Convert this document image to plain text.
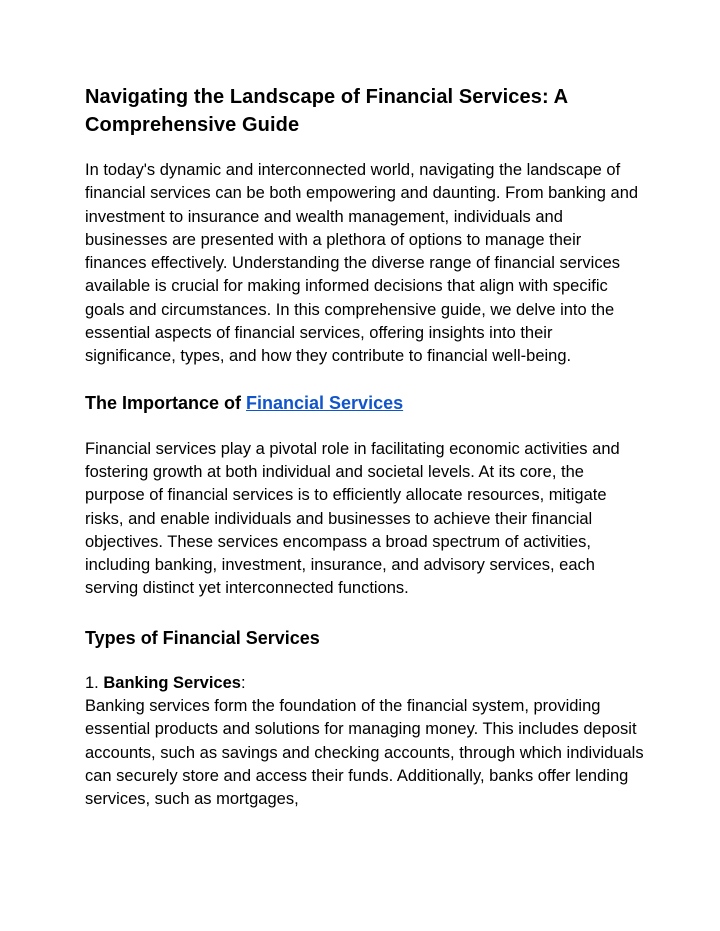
Navigating the Landscape of Financial Services: A Comprehensive Guide

In today's dynamic and interconnected world, navigating the landscape of financial services can be both empowering and daunting. From banking and investment to insurance and wealth management, individuals and businesses are presented with a plethora of options to manage their finances effectively. Understanding the diverse range of financial services available is crucial for making informed decisions that align with specific goals and circumstances. In this comprehensive guide, we delve into the essential aspects of financial services, offering insights into their significance, types, and how they contribute to financial well-being.

The Importance of Financial Services

Financial services play a pivotal role in facilitating economic activities and fostering growth at both individual and societal levels. At its core, the purpose of financial services is to efficiently allocate resources, mitigate risks, and enable individuals and businesses to achieve their financial objectives. These services encompass a broad spectrum of activities, including banking, investment, insurance, and advisory services, each serving distinct yet interconnected functions.

Types of Financial Services

1. Banking Services:
Banking services form the foundation of the financial system, providing essential products and solutions for managing money. This includes deposit accounts, such as savings and checking accounts, through which individuals can securely store and access their funds. Additionally, banks offer lending services, such as mortgages,
